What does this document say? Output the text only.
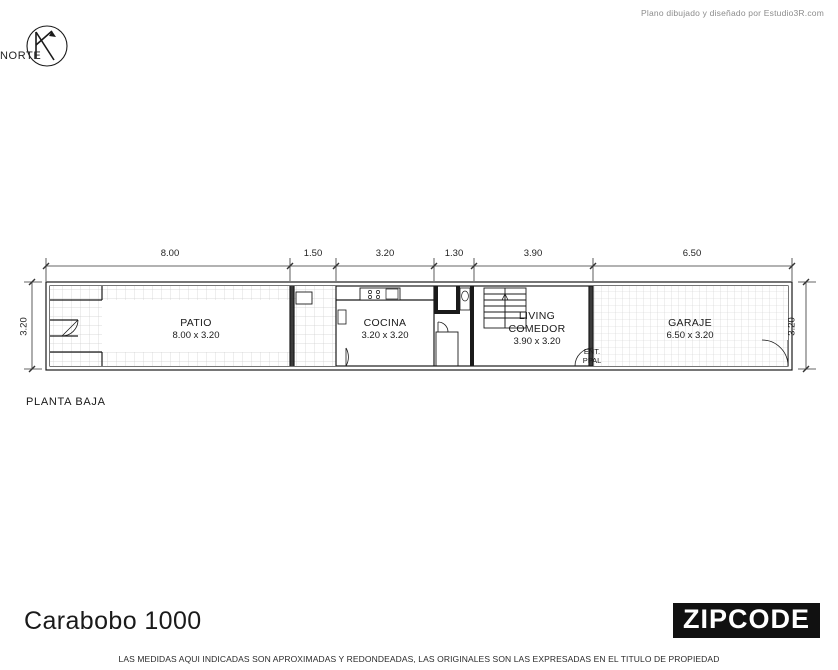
Plano dibujado y diseñado por Estudio3R.com
NORTE
8.00	1.50	3.20	1.30	3.90	6.50
3.20	3.20
PATIO
8.00 x 3.20
COCINA
3.20 x 3.20
LIVING
COMEDOR
3.90 x 3.20
GARAJE
6.50 x 3.20
ENT.
PPAL
PLANTA BAJA
Carabobo 1000	ZIPCODE
LAS MEDIDAS AQUI INDICADAS SON APROXIMADAS Y REDONDEADAS, LAS ORIGINALES SON LAS EXPRESADAS EN EL TITULO DE PROPIEDAD
